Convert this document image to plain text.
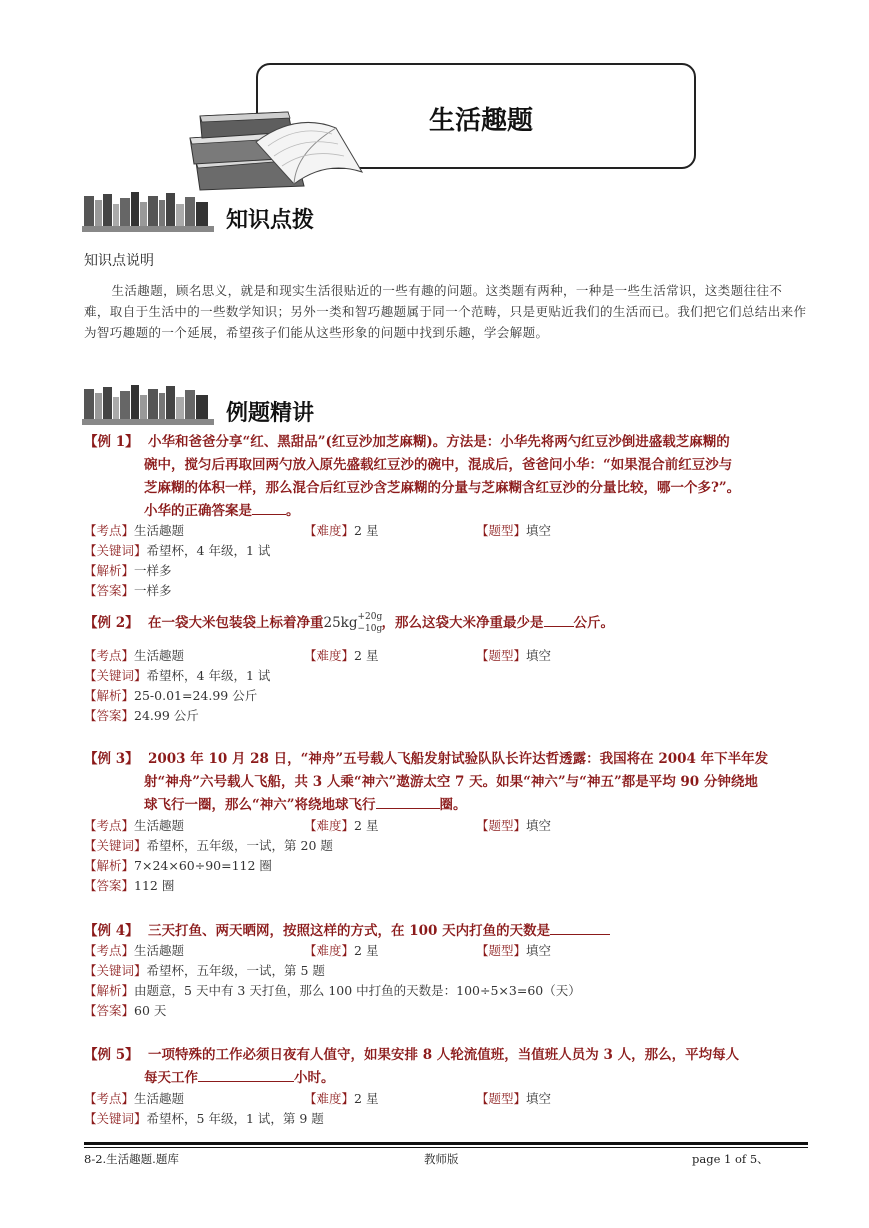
生活趣题
知识点拨
知识点说明
生活趣题，顾名思义，就是和现实生活很贴近的一些有趣的问题。这类题有两种，一种是一些生活常识，这类题往往不难，取自于生活中的一些数学知识；另外一类和智巧趣题属于同一个范畴，只是更贴近我们的生活而已。我们把它们总结出来作为智巧趣题的一个延展，希望孩子们能从这些形象的问题中找到乐趣，学会解题。
例题精讲
【例 1】 小华和爸爸分享“红、黑甜品”(红豆沙加芝麻糊)。方法是：小华先将两勺红豆沙倒进盛载芝麻糊的
碗中，搅匀后再取回两勺放入原先盛载红豆沙的碗中，混成后，爸爸问小华：“如果混合前红豆沙与
芝麻糊的体积一样，那么混合后红豆沙含芝麻糊的分量与芝麻糊含红豆沙的分量比较，哪一个多?”。
小华的正确答案是	。
【考点】生活趣题	【难度】2 星	【题型】填空
【关键词】希望杯，4 年级，1 试
【解析】一样多
【答案】一样多
【例 2】 在一袋大米包装袋上标着净重25kg +20g
−10g ，那么这袋大米净重最少是 公斤。
【考点】生活趣题	【难度】2 星	【题型】填空
【关键词】希望杯，4 年级，1 试
【解析】25-0.01=24.99 公斤
【答案】24.99 公斤
【例 3】 2003 年 10 月 28 日，“神舟”五号载人飞船发射试验队队长许达哲透露：我国将在 2004 年下半年发
射“神舟”六号载人飞船，共 3 人乘“神六”遨游太空 7 天。如果“神六”与“神五”都是平均 90 分钟绕地
球飞行一圈，那么“神六”将绕地球飞行	圈。
【考点】生活趣题	【难度】2 星	【题型】填空
【关键词】希望杯，五年级，一试，第 20 题
【解析】7×24×60÷90=112 圈
【答案】112 圈
【例 4】 三天打鱼、两天晒网，按照这样的方式，在 100 天内打鱼的天数是
【考点】生活趣题	【难度】2 星	【题型】填空
【关键词】希望杯，五年级，一试，第 5 题
【解析】由题意，5 天中有 3 天打鱼，那么 100 中打鱼的天数是：100÷5×3=60（天）
【答案】60 天
【例 5】 一项特殊的工作必须日夜有人值守，如果安排 8 人轮流值班，当值班人员为 3 人，那么，平均每人
每天工作	小时。
【考点】生活趣题	【难度】2 星	【题型】填空
【关键词】希望杯，5 年级，1 试，第 9 题
8-2.生活趣题.题库	教师版	page 1 of 5、
